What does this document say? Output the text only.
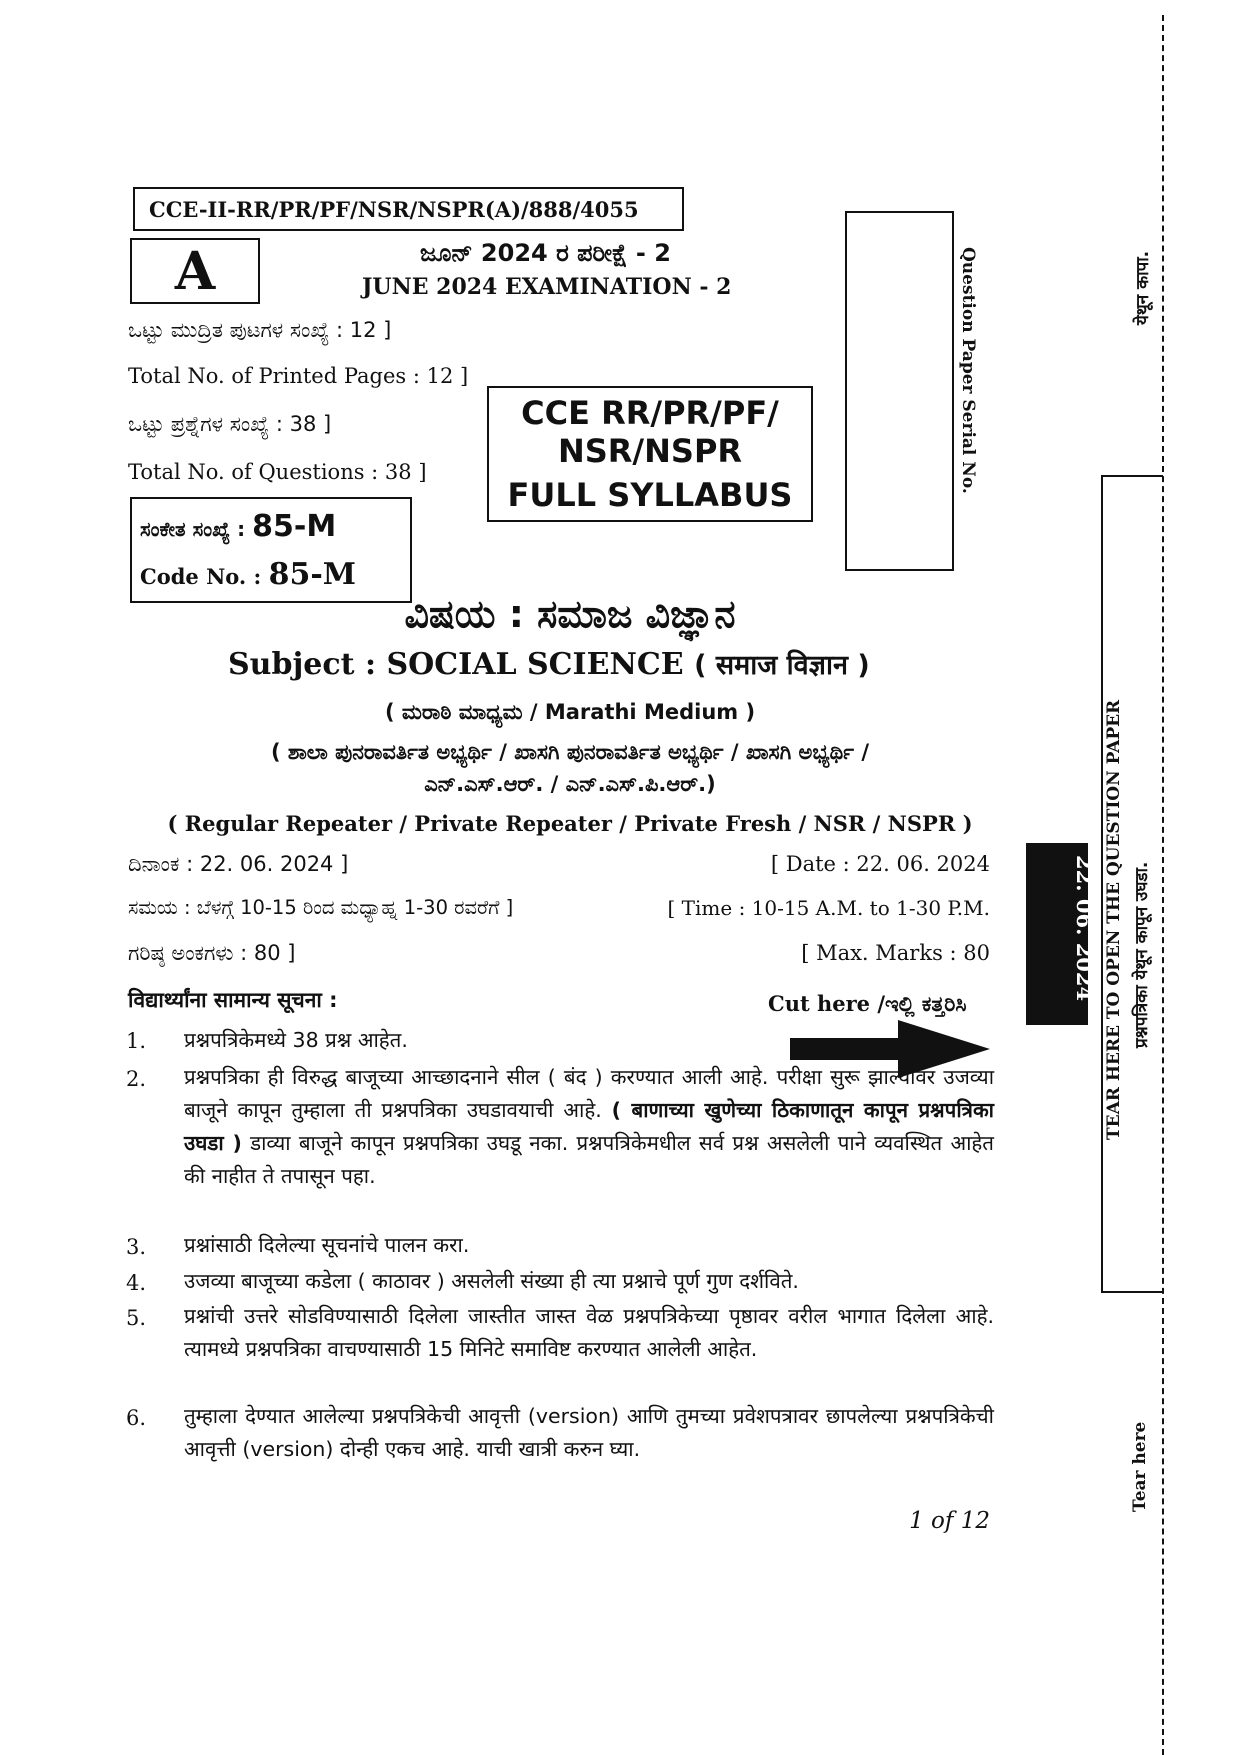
CCE-II-RR/PR/PF/NSR/NSPR(A)/888/4055
A	ಜೂನ್ 2024 ರ ಪರೀಕ್ಷೆ - 2
JUNE 2024 EXAMINATION - 2
ಒಟ್ಟು ಮುದ್ರಿತ ಪುಟಗಳ ಸಂಖ್ಯೆ : 12 ]
Total No. of Printed Pages : 12 ]
ಒಟ್ಟು ಪ್ರಶ್ನೆಗಳ ಸಂಖ್ಯೆ : 38 ]
Total No. of Questions : 38 ]
ಸಂಕೇತ ಸಂಖ್ಯೆ : 85-M
Code No. : 85-M
CCE RR/PR/PF/
NSR/NSPR
FULL SYLLABUS
Question Paper Serial No.
ವಿಷಯ : ಸಮಾಜ ವಿಜ್ಞಾನ
Subject : SOCIAL SCIENCE ( समाज विज्ञान )
( ಮರಾಠಿ ಮಾಧ್ಯಮ / Marathi Medium )
( ಶಾಲಾ ಪುನರಾವರ್ತಿತ ಅಭ್ಯರ್ಥಿ / ಖಾಸಗಿ ಪುನರಾವರ್ತಿತ ಅಭ್ಯರ್ಥಿ / ಖಾಸಗಿ ಅಭ್ಯರ್ಥಿ /
ಎನ್.ಎಸ್.ಆರ್. / ಎನ್.ಎಸ್.ಪಿ.ಆರ್.)
( Regular Repeater / Private Repeater / Private Fresh / NSR / NSPR )
ದಿನಾಂಕ : 22. 06. 2024 ]	[ Date : 22. 06. 2024
ಸಮಯ : ಬೆಳಗ್ಗೆ 10-15 ರಿಂದ ಮಧ್ಯಾಹ್ನ 1-30 ರವರೆಗೆ ]	[ Time : 10-15 A.M. to 1-30 P.M.
ಗರಿಷ್ಠ ಅಂಕಗಳು : 80 ]	[ Max. Marks : 80
विद्यार्थ्यांना सामान्य सूचना :	Cut here /ಇಲ್ಲಿ ಕತ್ತರಿಸಿ
1. प्रश्नपत्रिकेमध्ये 38 प्रश्न आहेत.
2. प्रश्नपत्रिका ही विरुद्ध बाजूच्या आच्छादनाने सील ( बंद ) करण्यात आली आहे. परीक्षा सुरू झाल्यावर उजव्या बाजूने कापून तुम्हाला ती प्रश्नपत्रिका उघडावयाची आहे. ( बाणाच्या खुणेच्या ठिकाणातून कापून प्रश्नपत्रिका उघडा ) डाव्या बाजूने कापून प्रश्नपत्रिका उघडू नका. प्रश्नपत्रिकेमधील सर्व प्रश्न असलेली पाने व्यवस्थित आहेत की नाहीत ते तपासून पहा.
3. प्रश्नांसाठी दिलेल्या सूचनांचे पालन करा.
4. उजव्या बाजूच्या कडेला ( काठावर ) असलेली संख्या ही त्या प्रश्नाचे पूर्ण गुण दर्शविते.
5. प्रश्नांची उत्तरे सोडविण्यासाठी दिलेला जास्तीत जास्त वेळ प्रश्नपत्रिकेच्या पृष्ठावर वरील भागात दिलेला आहे. त्यामध्ये प्रश्नपत्रिका वाचण्यासाठी 15 मिनिटे समाविष्ट करण्यात आलेली आहेत.
6. तुम्हाला देण्यात आलेल्या प्रश्नपत्रिकेची आवृत्ती (version) आणि तुमच्या प्रवेशपत्रावर छापलेल्या प्रश्नपत्रिकेची आवृत्ती (version) दोन्ही एकच आहे. याची खात्री करुन घ्या.
1 of 12
22. 06. 2024 TEAR HERE TO OPEN THE QUESTION PAPER प्रश्नपत्रिका येथून कापून उघडा.
येथून कापा.
Tear here
